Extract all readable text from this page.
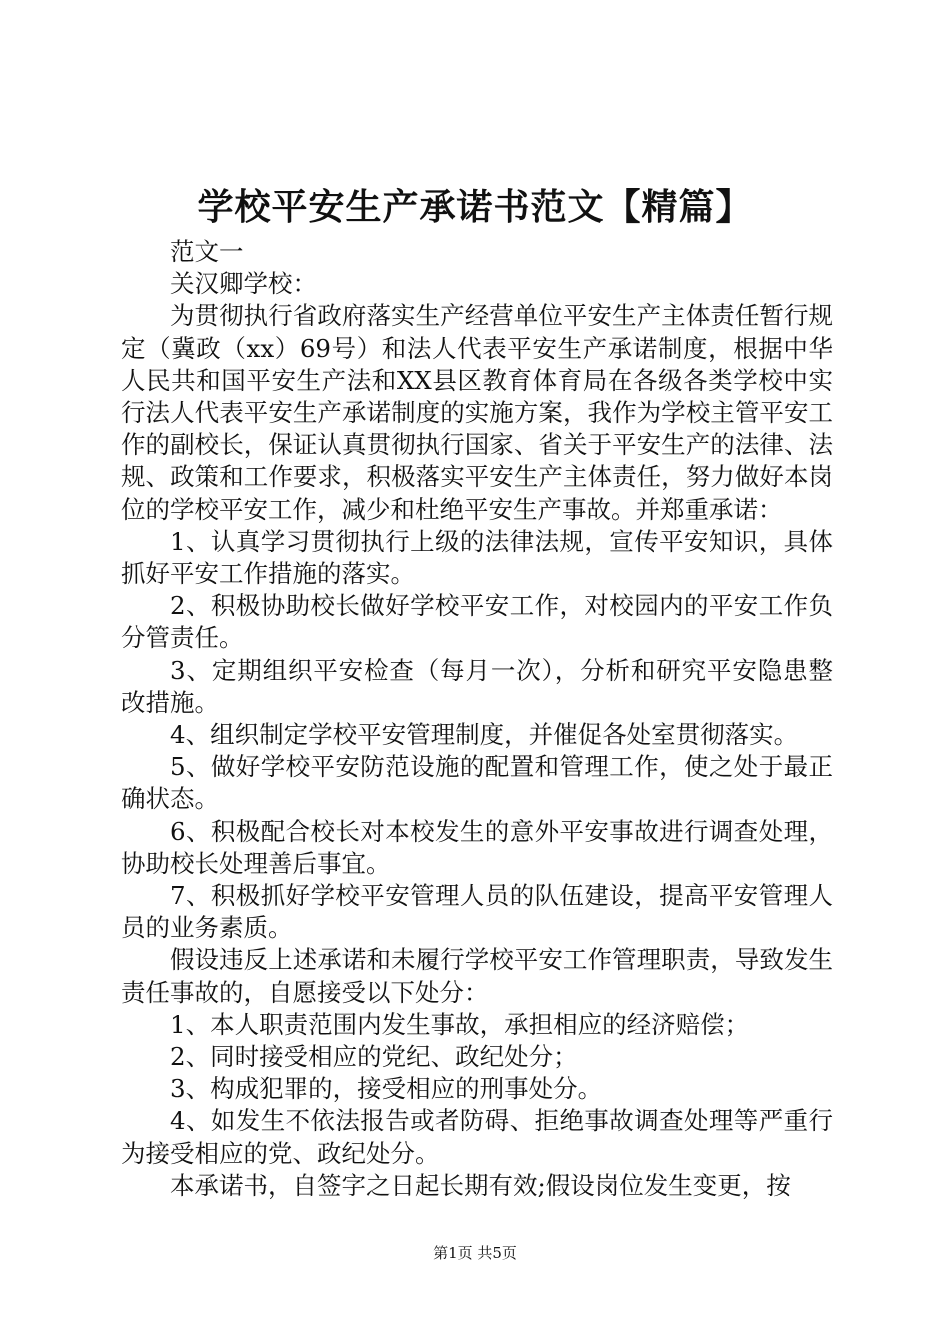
学校平安生产承诺书范文【精篇】

范文一

关汉卿学校：

为贯彻执行省政府落实生产经营单位平安生产主体责任暂行规定（冀政（xx）69号）和法人代表平安生产承诺制度，根据中华人民共和国平安生产法和XX县区教育体育局在各级各类学校中实行法人代表平安生产承诺制度的实施方案，我作为学校主管平安工作的副校长，保证认真贯彻执行国家、省关于平安生产的法律、法规、政策和工作要求，积极落实平安生产主体责任，努力做好本岗位的学校平安工作，减少和杜绝平安生产事故。并郑重承诺：

1、认真学习贯彻执行上级的法律法规，宣传平安知识，具体抓好平安工作措施的落实。

2、积极协助校长做好学校平安工作，对校园内的平安工作负分管责任。

3、定期组织平安检查（每月一次），分析和研究平安隐患整改措施。

4、组织制定学校平安管理制度，并催促各处室贯彻落实。

5、做好学校平安防范设施的配置和管理工作，使之处于最正确状态。

6、积极配合校长对本校发生的意外平安事故进行调查处理，协助校长处理善后事宜。

7、积极抓好学校平安管理人员的队伍建设，提高平安管理人员的业务素质。

假设违反上述承诺和未履行学校平安工作管理职责，导致发生责任事故的，自愿接受以下处分：

1、本人职责范围内发生事故，承担相应的经济赔偿；

2、同时接受相应的党纪、政纪处分；

3、构成犯罪的，接受相应的刑事处分。

4、如发生不依法报告或者防碍、拒绝事故调查处理等严重行为接受相应的党、政纪处分。

本承诺书，自签字之日起长期有效;假设岗位发生变更，按

第1页 共5页
